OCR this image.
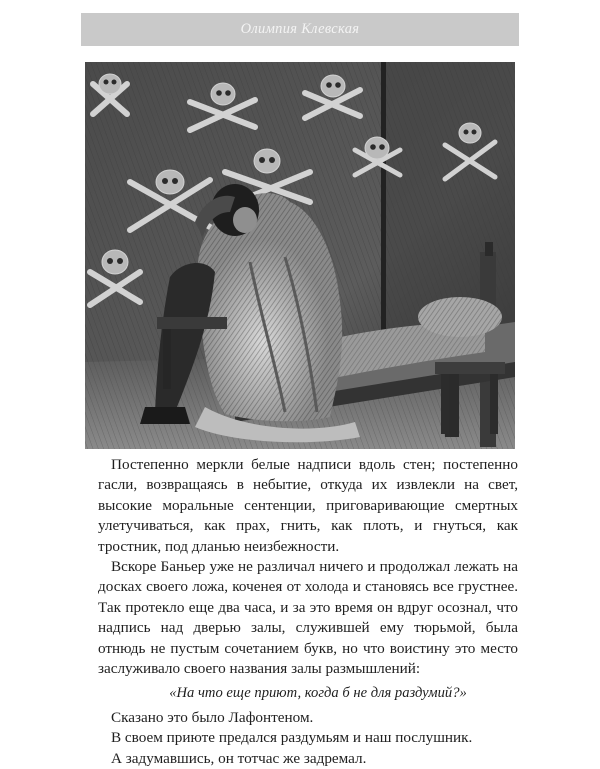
Олимпия Клевская

Постепенно меркли белые надписи вдоль стен; постепенно гасли, возвращаясь в небытие, откуда их извлекли на свет, высокие моральные сентенции, приговаривающие смертных улетучиваться, как прах, гнить, как плоть, и гнуться, как тростник, под дланью неизбежности.

Вскоре Баньер уже не различал ничего и продолжал лежать на досках своего ложа, коченея от холода и становясь все грустнее. Так протекло еще два часа, и за это время он вдруг осознал, что надпись над дверью залы, служившей ему тюрьмой, была отнюдь не пустым сочетанием букв, но что воистину это место заслуживало своего названия залы размышлений:

«На что еще приют, когда б не для раздумий?»

Сказано это было Лафонтеном.

В своем приюте предался раздумьям и наш послушник.

А задумавшись, он тотчас же задремал.
